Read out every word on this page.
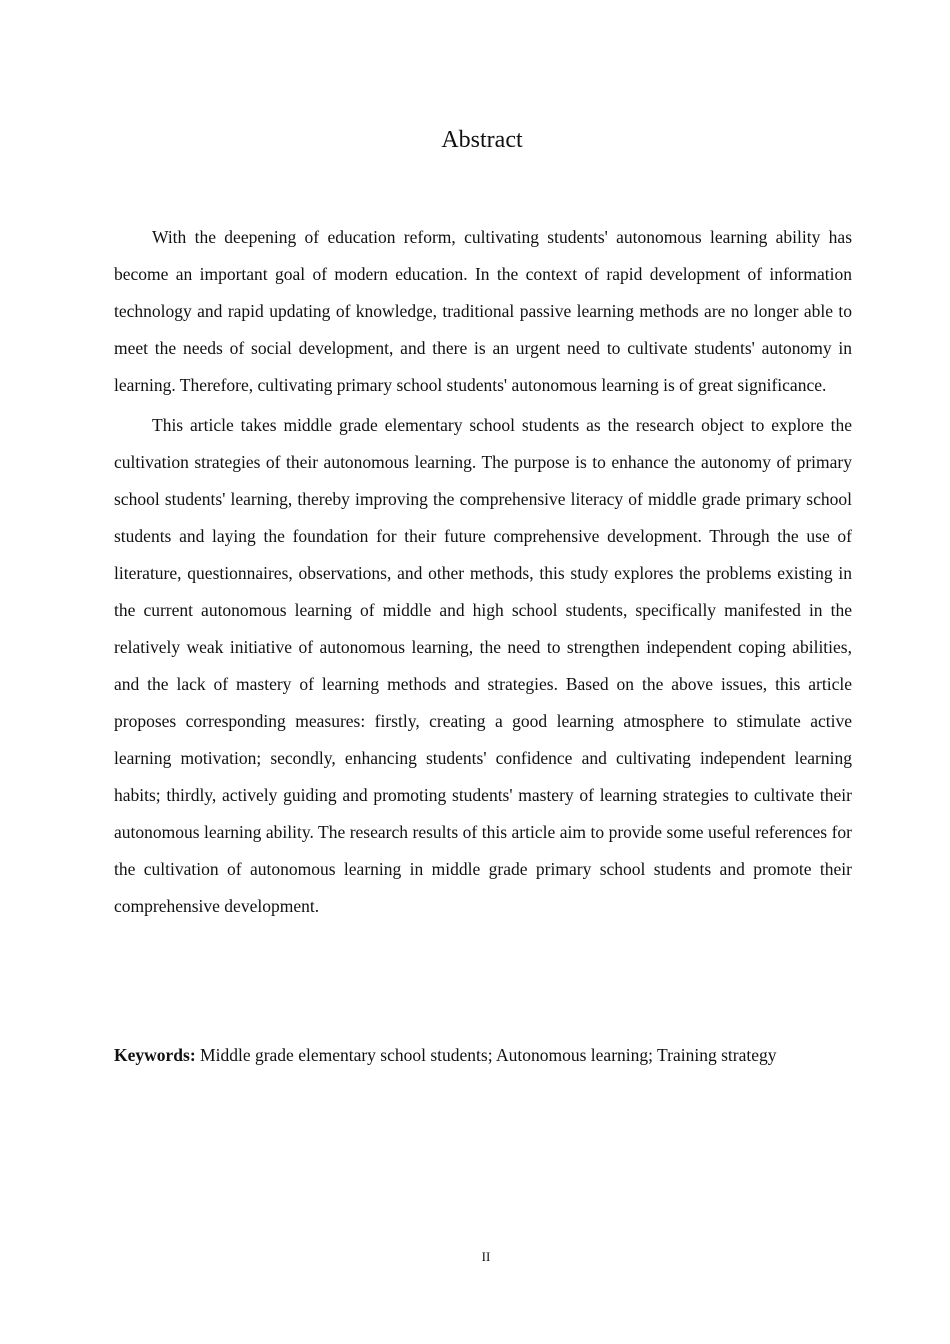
Abstract

With the deepening of education reform, cultivating students' autonomous learning ability has become an important goal of modern education. In the context of rapid development of information technology and rapid updating of knowledge, traditional passive learning methods are no longer able to meet the needs of social development, and there is an urgent need to cultivate students' autonomy in learning. Therefore, cultivating primary school students' autonomous learning is of great significance.

This article takes middle grade elementary school students as the research object to explore the cultivation strategies of their autonomous learning. The purpose is to enhance the autonomy of primary school students' learning, thereby improving the comprehensive literacy of middle grade primary school students and laying the foundation for their future comprehensive development. Through the use of literature, questionnaires, observations, and other methods, this study explores the problems existing in the current autonomous learning of middle and high school students, specifically manifested in the relatively weak initiative of autonomous learning, the need to strengthen independent coping abilities, and the lack of mastery of learning methods and strategies. Based on the above issues, this article proposes corresponding measures: firstly, creating a good learning atmosphere to stimulate active learning motivation; secondly, enhancing students' confidence and cultivating independent learning habits; thirdly, actively guiding and promoting students' mastery of learning strategies to cultivate their autonomous learning ability. The research results of this article aim to provide some useful references for the cultivation of autonomous learning in middle grade primary school students and promote their comprehensive development.

Keywords: Middle grade elementary school students; Autonomous learning; Training strategy

II
